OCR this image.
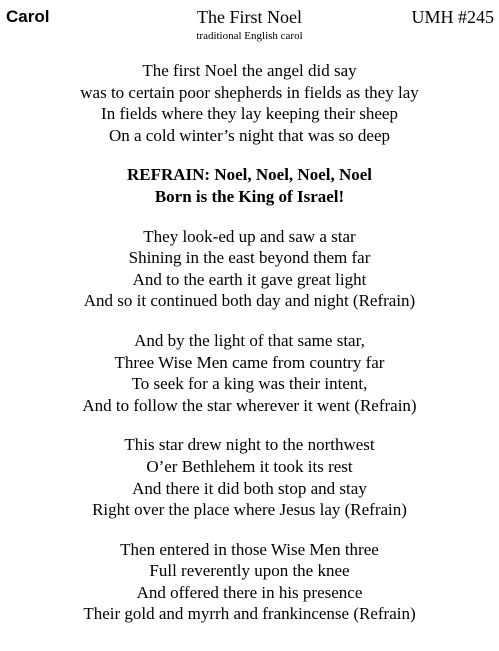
Carol	The First Noel	UMH #245
traditional English carol
The first Noel the angel did say
was to certain poor shepherds in fields as they lay
In fields where they lay keeping their sheep
On a cold winter’s night that was so deep
REFRAIN: Noel, Noel, Noel, Noel
Born is the King of Israel!
They look-ed up and saw a star
Shining in the east beyond them far
And to the earth it gave great light
And so it continued both day and night (Refrain)
And by the light of that same star,
Three Wise Men came from country far
To seek for a king was their intent,
And to follow the star wherever it went (Refrain)
This star drew night to the northwest
O’er Bethlehem it took its rest
And there it did both stop and stay
Right over the place where Jesus lay (Refrain)
Then entered in those Wise Men three
Full reverently upon the knee
And offered there in his presence
Their gold and myrrh and frankincense (Refrain)
